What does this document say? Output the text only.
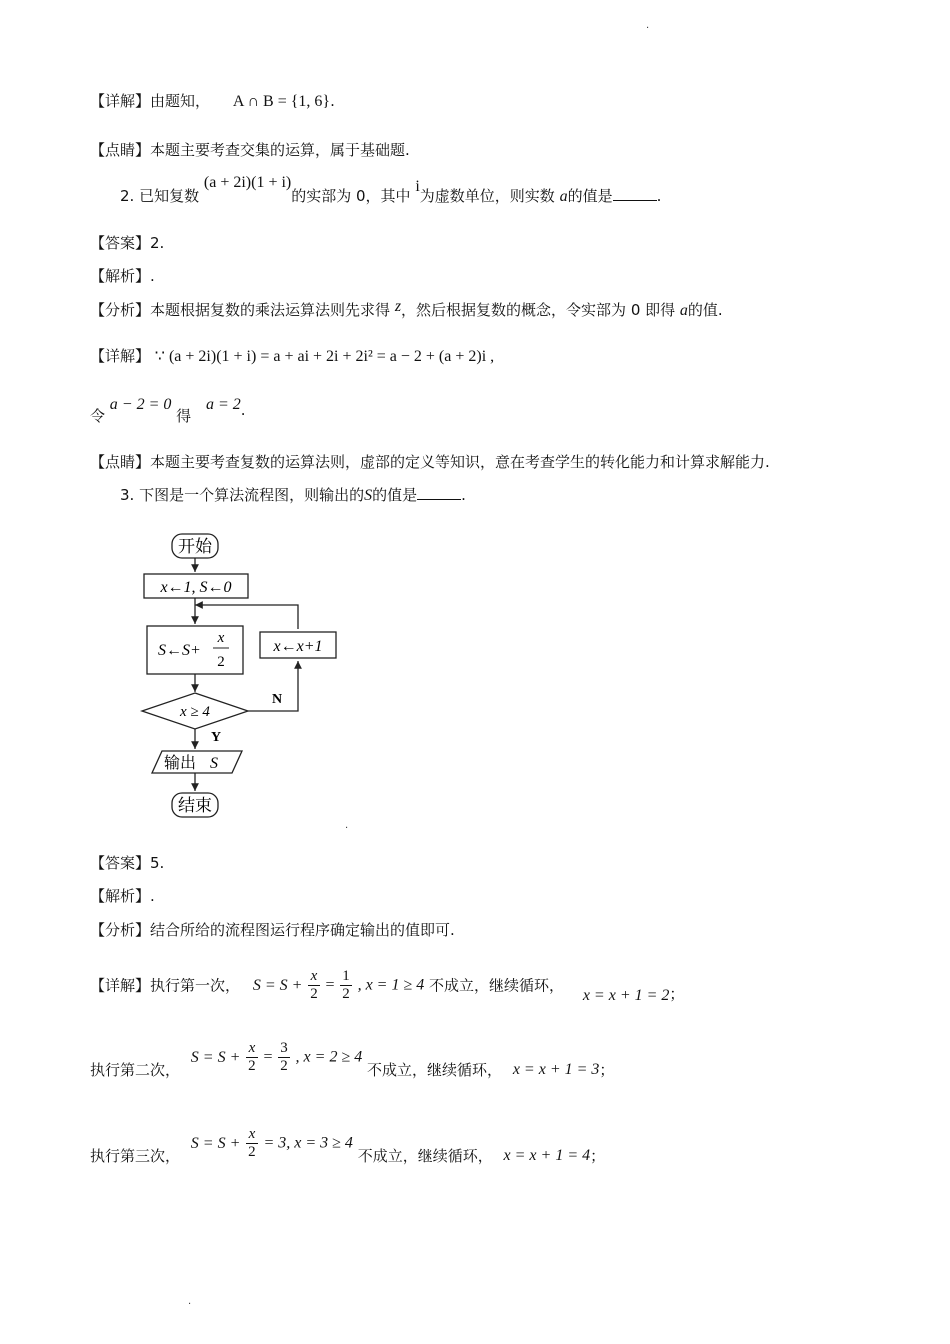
【详解】由题知， A ∩ B = {1, 6}.
【点睛】本题主要考查交集的运算，属于基础题.
2. 已知复数 (a + 2i)(1 + i)的实部为 0，其中 i为虚数单位，则实数 a的值是	.
【答案】2.
【解析】.
【分析】本题根据复数的乘法运算法则先求得 z，然后根据复数的概念，令实部为 0 即得 a的值.
【详解】 ∵ (a + 2i)(1 + i) = a + ai + 2i + 2i² = a − 2 + (a + 2)i ,
令 a − 2 = 0 得 a = 2.
【点睛】本题主要考查复数的运算法则，虚部的定义等知识，意在考查学生的转化能力和计算求解能力.
3. 下图是一个算法流程图，则输出的S的值是	.
开始
x←1, S←0
S←S+
x
2
x←x+1
x ≥ 4
N
Y
输出 S
结束
【答案】5.
【解析】.
【分析】结合所给的流程图运行程序确定输出的值即可.
【详解】执行第一次， $S = S + \frac{x}{2} = \frac{1}{2}$ , x = 1 ≥ 4 不成立，继续循环， x = x + 1 = 2；
执行第二次， $S = S + \frac{x}{2} = \frac{3}{2}$ , x = 2 ≥ 4 不成立，继续循环， x = x + 1 = 3；
执行第三次， $S = S + \frac{x}{2} = 3$, x = 3 ≥ 4 不成立，继续循环， x = x + 1 = 4；
.
.
.
